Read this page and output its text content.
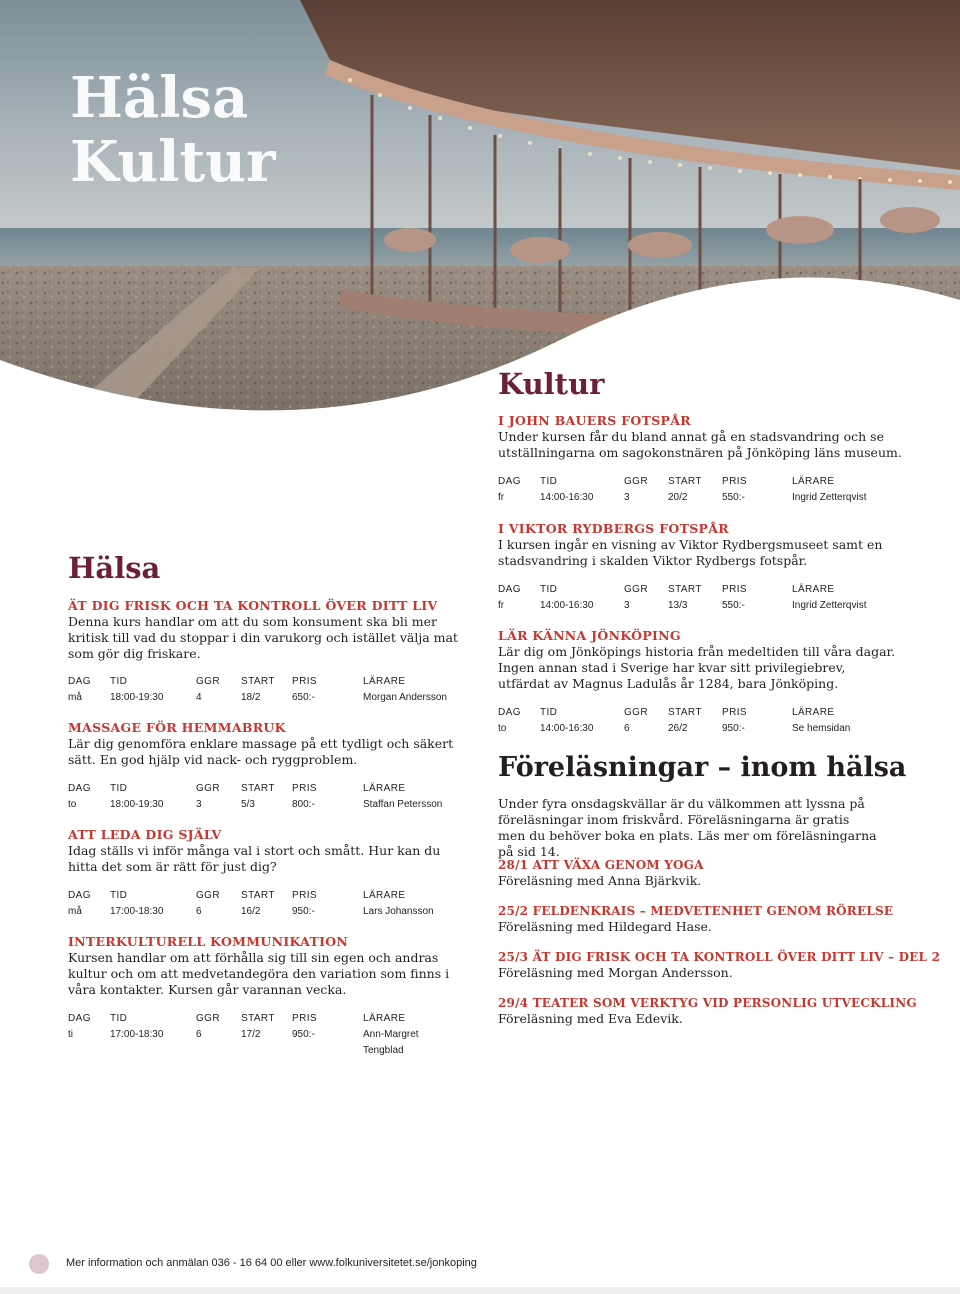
Hälsa
Kultur
Kultur
I JOHN BAUERS FOTSPÅR
Under kursen får du bland annat gå en stadsvandring och se utställningarna om sagokonstnären på Jönköping läns museum.
DAG TID	GGR START PRIS	LÄRARE
fr	14:00-16:30	3	20/2	550:-	Ingrid Zetterqvist
I VIKTOR RYDBERGS FOTSPÅR
I kursen ingår en visning av Viktor Rydbergsmuseet samt en stadsvandring i skalden Viktor Rydbergs fotspår.
DAG TID	GGR START PRIS	LÄRARE
fr	14:00-16:30	3	13/3	550:-	Ingrid Zetterqvist
LÄR KÄNNA JÖNKÖPING
Lär dig om Jönköpings historia från medeltiden till våra dagar. Ingen annan stad i Sverige har kvar sitt privilegiebrev, utfärdat av Magnus Ladulås år 1284, bara Jönköping.
DAG TID	GGR START PRIS	LÄRARE
to	14:00-16:30	6	26/2	950:-	Se hemsidan
Föreläsningar – inom hälsa
Under fyra onsdagskvällar är du välkommen att lyssna på föreläsningar inom friskvård. Föreläsningarna är gratis men du behöver boka en plats. Läs mer om föreläsningarna på sid 14.
28/1 ATT VÄXA GENOM YOGA
Föreläsning med Anna Bjärkvik.
25/2 FELDENKRAIS – MEDVETENHET GENOM RÖRELSE
Föreläsning med Hildegard Hase.
25/3 ÄT DIG FRISK OCH TA KONTROLL ÖVER DITT LIV – DEL 2
Föreläsning med Morgan Andersson.
29/4 TEATER SOM VERKTYG VID PERSONLIG UTVECKLING
Föreläsning med Eva Edevik.
Hälsa
ÄT DIG FRISK OCH TA KONTROLL ÖVER DITT LIV
Denna kurs handlar om att du som konsument ska bli mer kritisk till vad du stoppar i din varukorg och istället välja mat som gör dig friskare.
DAG TID	GGR START PRIS	LÄRARE
må	18:00-19:30	4	18/2	650:-	Morgan Andersson
MASSAGE FÖR HEMMABRUK
Lär dig genomföra enklare massage på ett tydligt och säkert sätt. En god hjälp vid nack- och ryggproblem.
DAG TID	GGR START PRIS	LÄRARE
to	18:00-19:30	3	5/3	800:-	Staffan Petersson
ATT LEDA DIG SJÄLV
Idag ställs vi inför många val i stort och smått. Hur kan du hitta det som är rätt för just dig?
DAG TID	GGR START PRIS	LÄRARE
må	17:00-18:30	6	16/2	950:-	Lars Johansson
INTERKULTURELL KOMMUNIKATION
Kursen handlar om att förhålla sig till sin egen och andras kultur och om att medvetandegöra den variation som finns i våra kontakter. Kursen går varannan vecka.
DAG TID	GGR START PRIS	LÄRARE
ti	17:00-18:30	6	17/2	950:-	Ann-Margret Tengblad
Mer information och anmälan 036 - 16 64 00 eller www.folkuniversitetet.se/jonkoping
